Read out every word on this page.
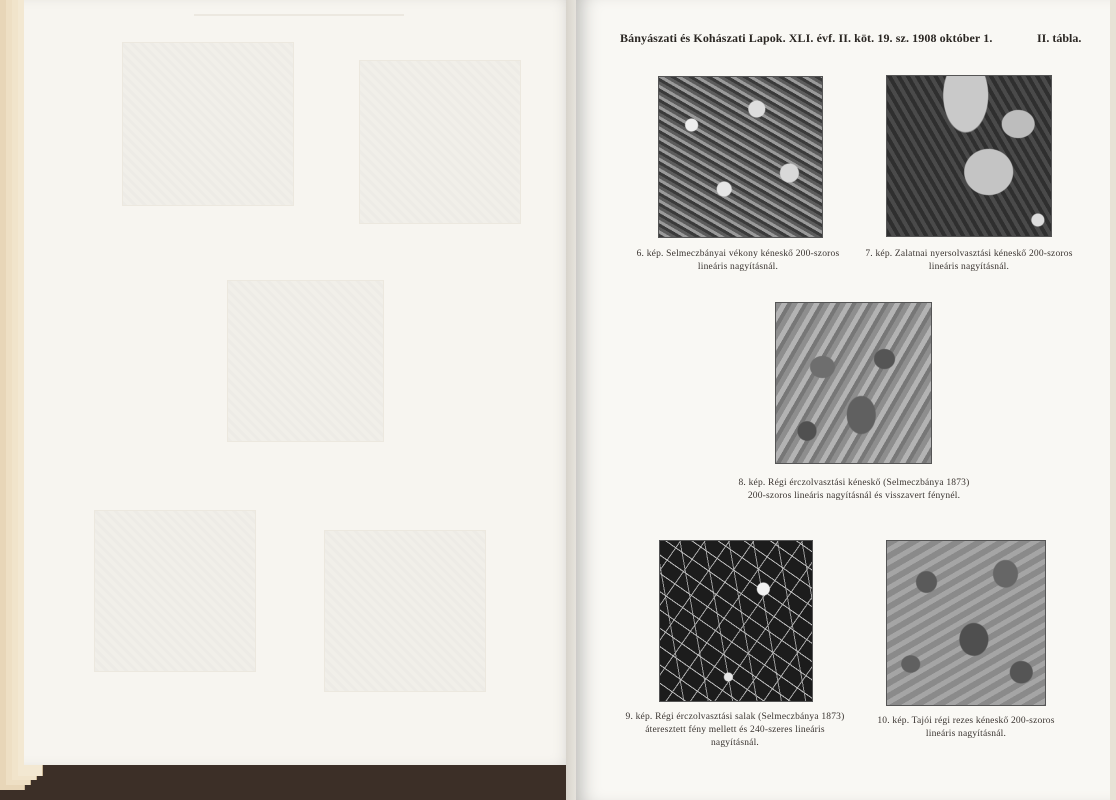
Bányászati és Kohászati Lapok. XLI. évf. II. köt. 19. sz. 1908 október 1.	II. tábla.
6. kép. Selmeczbányai vékony kéneskő 200-szoros lineáris nagyításnál.
7. kép. Zalatnai nyersolvasztási kéneskő 200-szoros lineáris nagyításnál.
8. kép. Régi érczolvasztási kéneskő (Selmeczbánya 1873) 200-szoros lineáris nagyításnál és visszavert fénynél.
9. kép. Régi érczolvasztási salak (Selmeczbánya 1873) áteresztett fény mellett és 240-szeres lineáris nagyításnál.
10. kép. Tajói régi rezes kéneskő 200-szoros lineáris nagyításnál.
